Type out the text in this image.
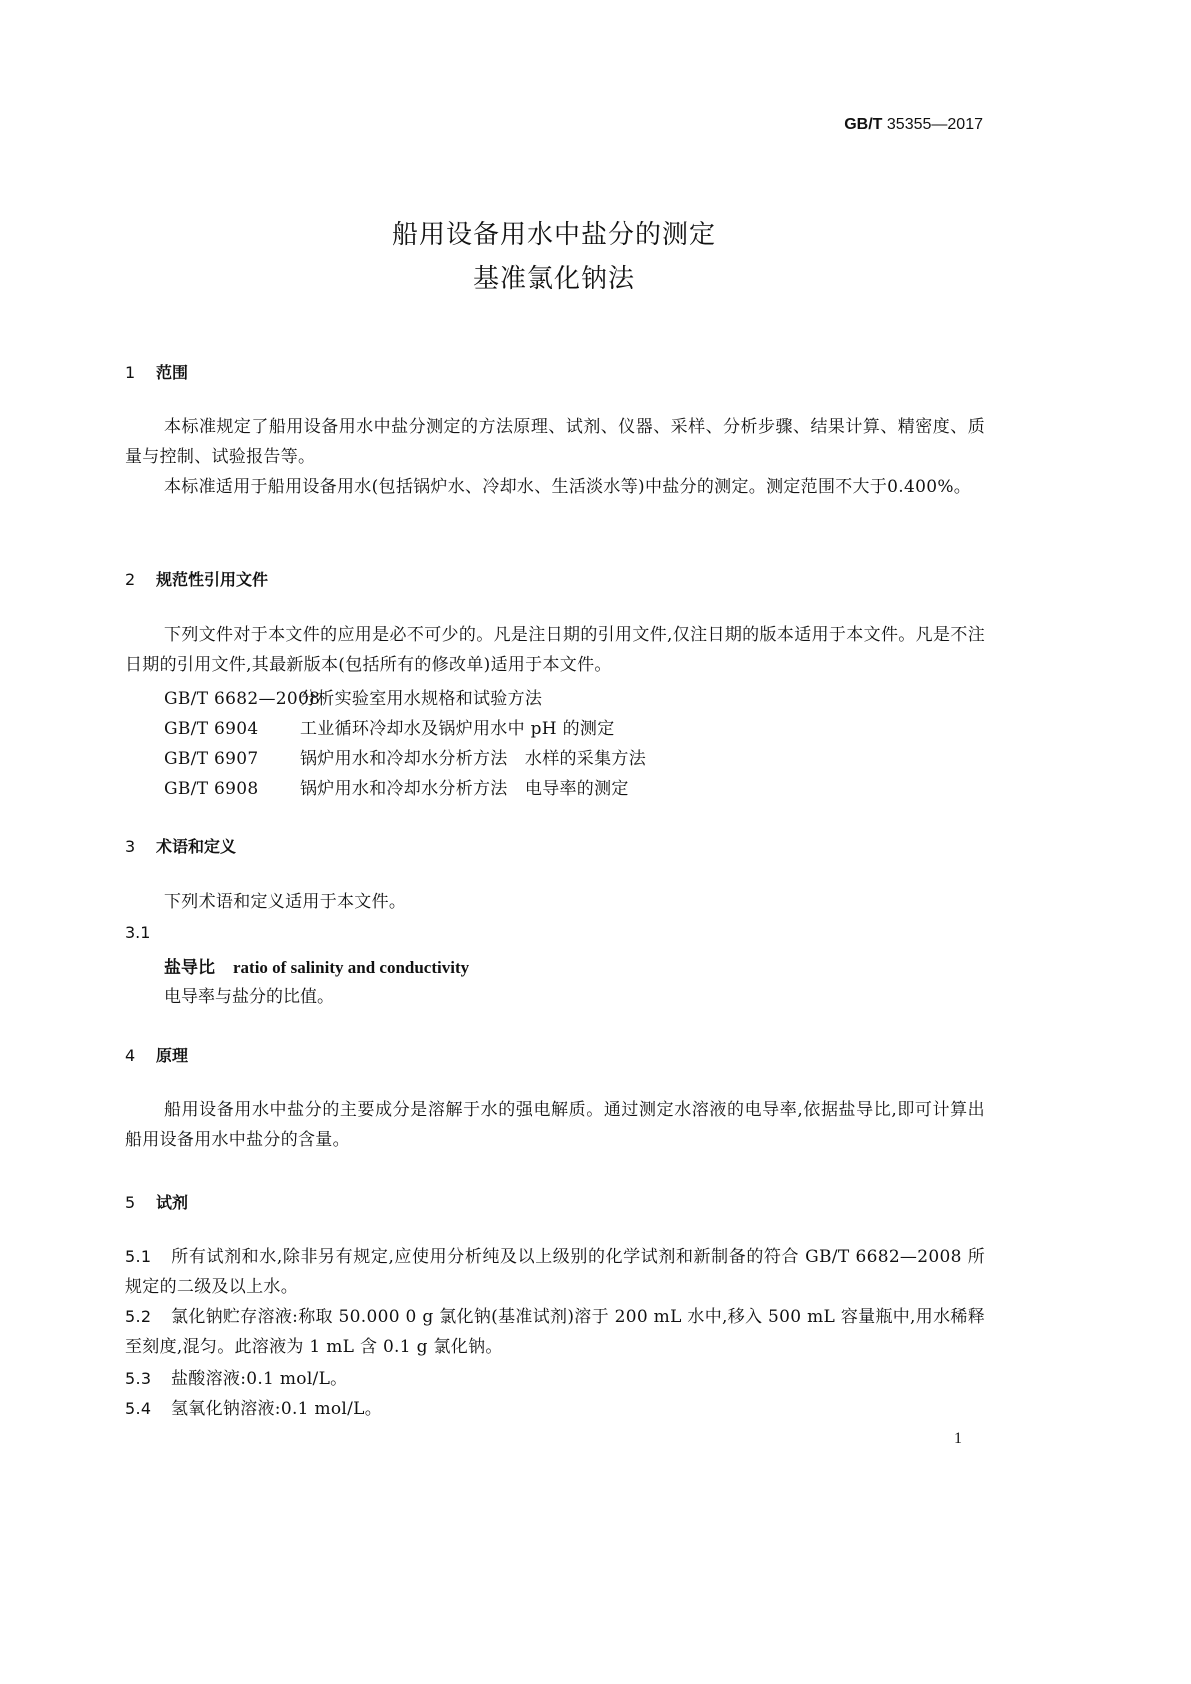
GB/T 35355—2017
船用设备用水中盐分的测定
基准氯化钠法
1 范围
本标准规定了船用设备用水中盐分测定的方法原理、试剂、仪器、采样、分析步骤、结果计算、精密度、质量与控制、试验报告等。
本标准适用于船用设备用水(包括锅炉水、冷却水、生活淡水等)中盐分的测定。测定范围不大于0.400%。
2 规范性引用文件
下列文件对于本文件的应用是必不可少的。凡是注日期的引用文件,仅注日期的版本适用于本文件。凡是不注日期的引用文件,其最新版本(包括所有的修改单)适用于本文件。
GB/T 6682—2008分析实验室用水规格和试验方法
GB/T 6904 工业循环冷却水及锅炉用水中 pH 的测定
GB/T 6907 锅炉用水和冷却水分析方法　水样的采集方法
GB/T 6908 锅炉用水和冷却水分析方法　电导率的测定
3 术语和定义
下列术语和定义适用于本文件。
3.1
盐导比 ratio of salinity and conductivity
电导率与盐分的比值。
4 原理
船用设备用水中盐分的主要成分是溶解于水的强电解质。通过测定水溶液的电导率,依据盐导比,即可计算出船用设备用水中盐分的含量。
5 试剂
5.1 所有试剂和水,除非另有规定,应使用分析纯及以上级别的化学试剂和新制备的符合 GB/T 6682—2008 所规定的二级及以上水。
5.2 氯化钠贮存溶液:称取 50.000 0 g 氯化钠(基准试剂)溶于 200 mL 水中,移入 500 mL 容量瓶中,用水稀释至刻度,混匀。此溶液为 1 mL 含 0.1 g 氯化钠。
5.3 盐酸溶液:0.1 mol/L。
5.4 氢氧化钠溶液:0.1 mol/L。
1
